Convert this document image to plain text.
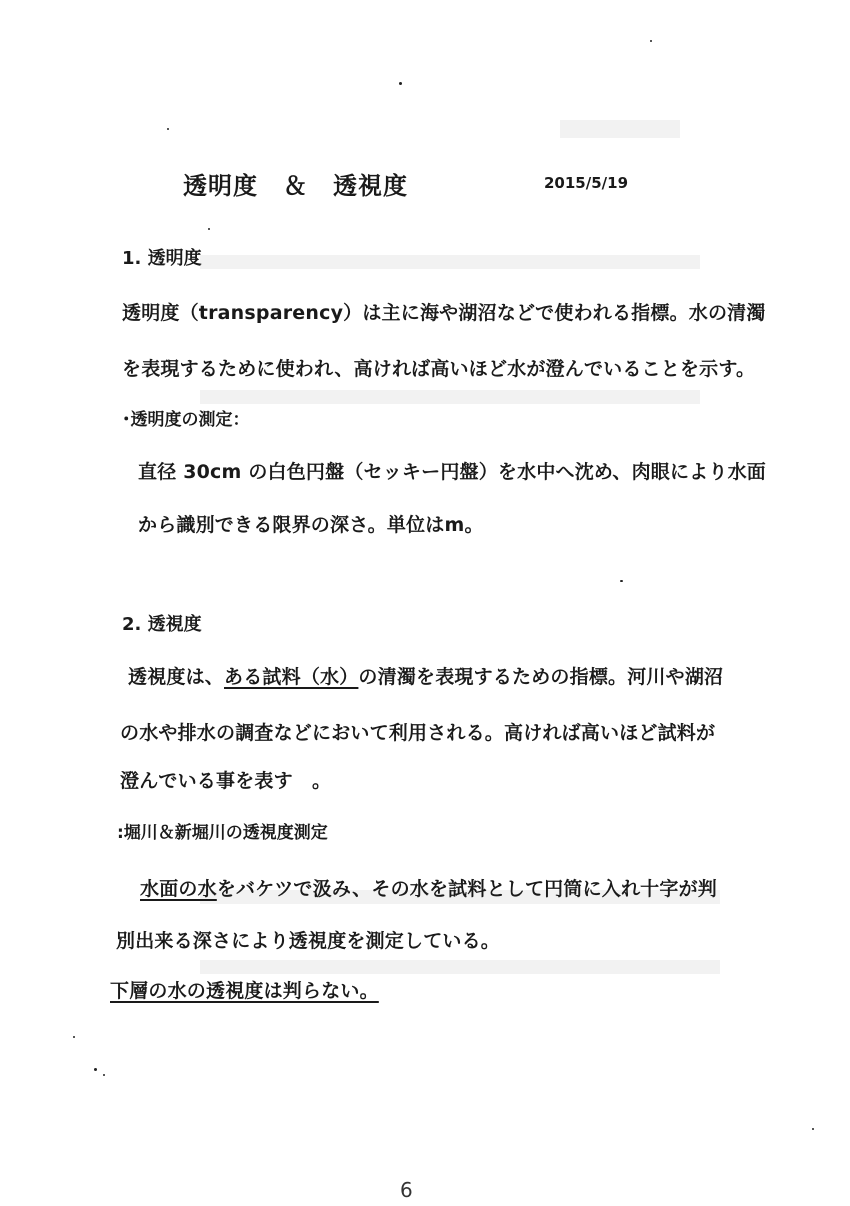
透明度　＆　透視度	2015/5/19
1. 透明度
透明度（transparency）は主に海や湖沼などで使われる指標。水の清濁
を表現するために使われ、高ければ高いほど水が澄んでいることを示す。
･透明度の測定：
直径 30cm の白色円盤（セッキー円盤）を水中へ沈め、肉眼により水面
から識別できる限界の深さ。単位はm。
2. 透視度
透視度は、ある試料（水）の清濁を表現するための指標。河川や湖沼
の水や排水の調査などにおいて利用される。高ければ高いほど試料が
澄んでいる事を表す　。
:堀川＆新堀川の透視度測定
水面の水をバケツで汲み、その水を試料として円筒に入れ十字が判
別出来る深さにより透視度を測定している。
下層の水の透視度は判らない。
6
